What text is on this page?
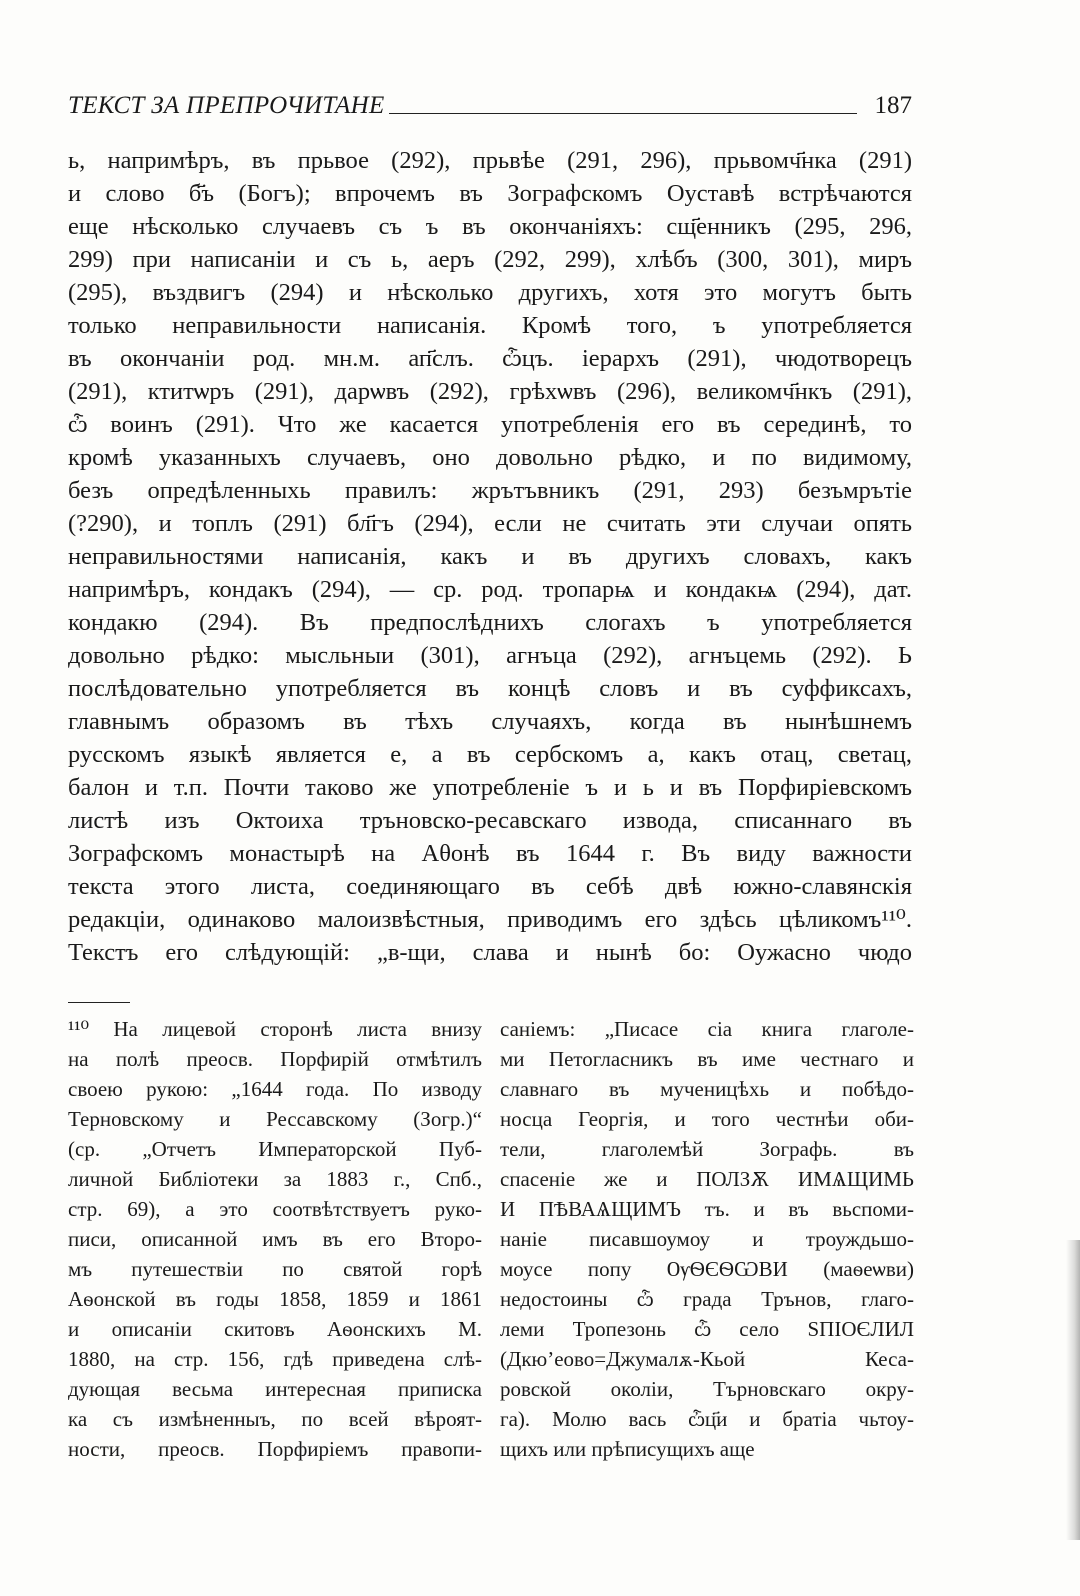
ТЕКСТ ЗА ПРЕПРОЧИТАНЕ	187
ь, напримѣръ, въ прьвое (292), прьвѣе (291, 296), прьвомч҃нка (291)
и слово б҃ъ (Богъ); впрочемъ въ Зографскомъ Оуставѣ встрѣчаются
еще нѣсколько случаевъ съ ъ въ окончанiяхъ: сщ҃енникъ (295, 296,
299) при написанiи и съ ь, аеръ (292, 299), хлѣбъ (300, 301), миръ
(295), въздвигъ (294) и нѣсколько другихъ, хотя это могутъ быть
только неправильности написанiя. Кромѣ того, ъ употребляется
въ окончанiи род. мн.м. ап҃слъ. ѽцъ. iерархъ (291), чюдотворецъ
(291), ктитѡръ (291), дарѡвъ (292), грѣхѡвъ (296), великомч҃нкъ (291),
ѽ воинъ (291). Что же касается употребленiя его въ серединѣ, то
кромѣ указанныхъ случаевъ, оно довольно рѣдко, и по видимому,
безъ опредѣленныхь правилъ: жрътъвникъ (291, 293) безъмрътiе
(?290), и топлъ (291) бл҃гъ (294), если не считать эти случаи опять
неправильностями написанiя, какъ и въ другихъ словахъ, какъ
напримѣръ, кондакъ (294), — ср. род. тропарѩ и кондакѩ (294), дат.
кондакю (294). Въ предпослѣднихъ слогахъ ъ употребляется
довольно рѣдко: мысльныи (301), агнъца (292), агнъцемь (292). Ь
послѣдовательно употребляется въ концѣ словъ и въ суффиксахъ,
главнымъ образомъ въ тѣхъ случаяхъ, когда въ нынѣшнемъ
русскомъ языкѣ является е, а въ сербскомъ а, какъ отац, светац,
балон и т.п. Почти таково же употребленiе ъ и ь и въ Порфирiевскомъ
листѣ изъ Октоиха тръновско-ресавскаго извода, списаннаго въ
Зографскомъ монастырѣ на Аθонѣ въ 1644 г. Въ виду важности
текста этого листа, соединяющаго въ себѣ двѣ южно-славянскiя
редакцiи, одинаково малоизвѣстныя, приводимъ его здѣсь цѣликомъ¹¹⁰.
Текстъ его слѣдующiй: „в-щи, слава и нынѣ бо: Оужасно чюдо
¹¹⁰ На лицевой сторонѣ листа внизу
на полѣ преосв. Порфирiй отмѣтилъ
своею рукою: „1644 года. По изводу
Терновскому и Рессавскому (Зогр.)“
(ср. „Отчетъ Императорской Пуб-
личной Библiотеки за 1883 г., Спб.,
стр. 69), а это соотвѣтствуетъ руко-
писи, описанной имъ въ его Второ-
мъ путешествiи по святой горѣ
Аѳонской въ годы 1858, 1859 и 1861
и описанiи скитовъ Аѳонскихъ М.
1880, на стр. 156, гдѣ приведена слѣ-
дующая весьма интересная приписка
ка съ измѣненныъ, по всей вѣроят-
ности, преосв. Порфирiемъ правопи-
санiемъ: „Писасе сiа книга глаголе-
ми Петогласникъ въ име честнаго и
славнаго въ мученицѣхь и побѣдо-
носца Георгiя, и того честнѣи оби-
тели, глаголемѣй Зографь. въ
спасенiе же и ПОЛЗѪ ИМѦЩИМЬ
И ПѢВАѦЩИМЪ тъ. и въ вьспоми-
нанiе писавшоумоу и троуждьшо-
моусе попу ѸѲЄѲѠВИ (маѳеѡви)
недостоины ѽ града Трънов, глаго-
леми Тропезонь ѽ село ЅПIОЄЛИЛ
(Дкю’еово=Джумалѫ-Кьой Кеса-
ровской околiи, Търновскаго окру-
га). Молю вась ѽц҃и и братiа чьтоу-
щихъ или прѣписущихъ аще
